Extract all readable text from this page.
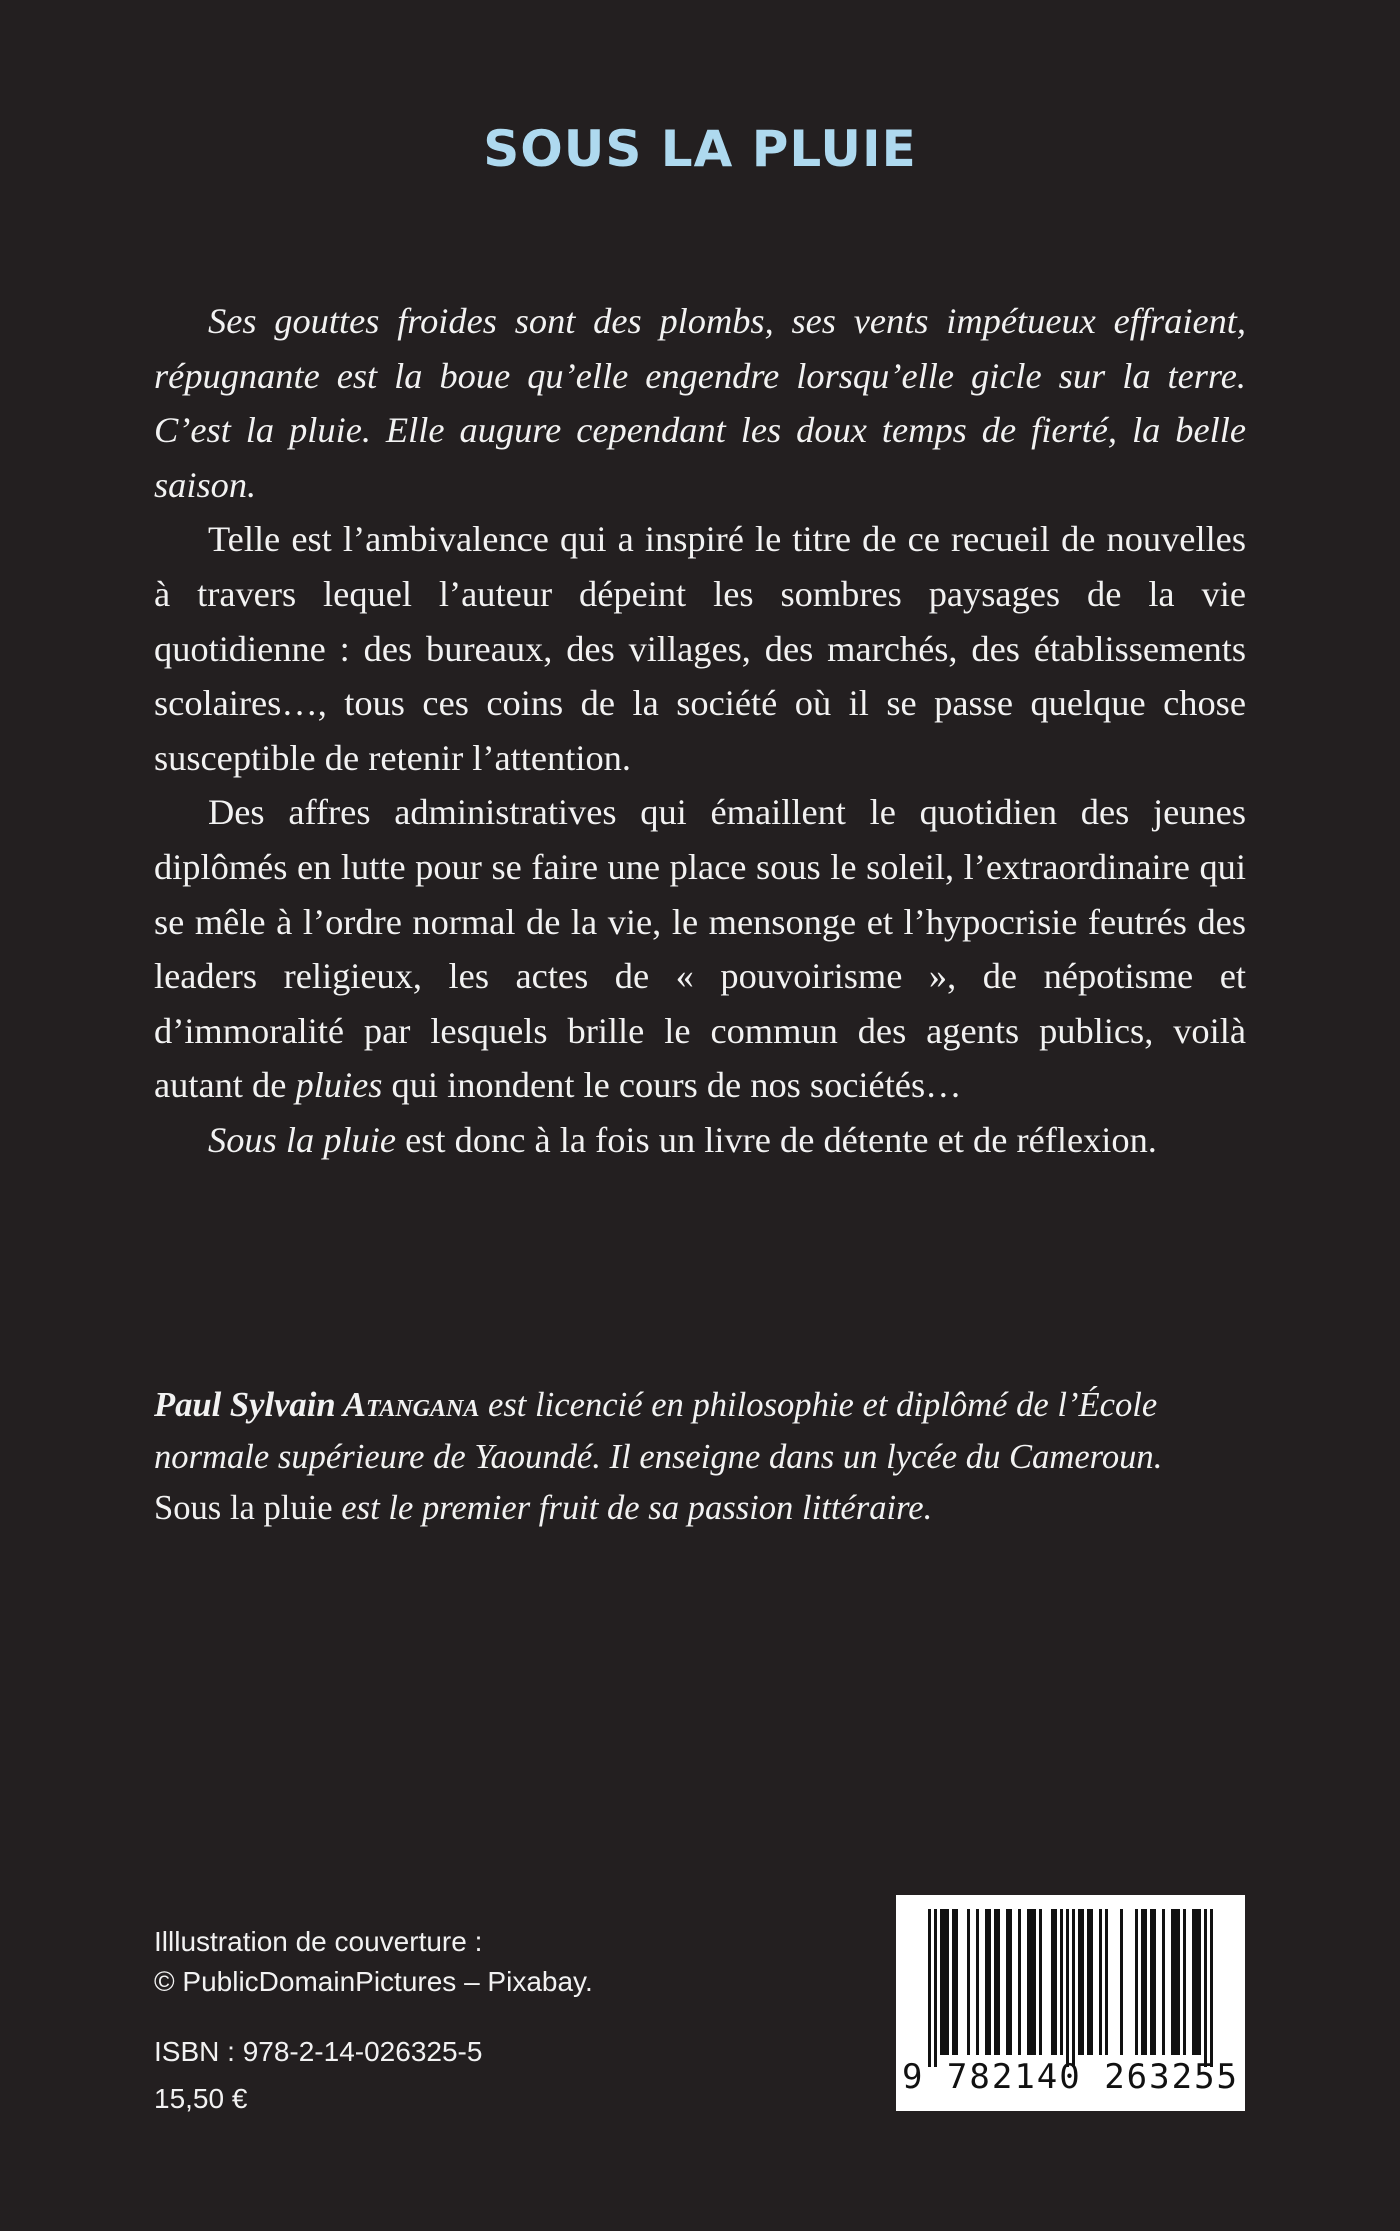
SOUS LA PLUIE

Ses gouttes froides sont des plombs, ses vents impétueux effraient, répugnante est la boue qu’elle engendre lorsqu’elle gicle sur la terre. C’est la pluie. Elle augure cependant les doux temps de fierté, la belle saison.

Telle est l’ambivalence qui a inspiré le titre de ce recueil de nouvelles à travers lequel l’auteur dépeint les sombres paysages de la vie quotidienne : des bureaux, des villages, des marchés, des établissements scolaires…, tous ces coins de la société où il se passe quelque chose susceptible de retenir l’attention.

Des affres administratives qui émaillent le quotidien des jeunes diplômés en lutte pour se faire une place sous le soleil, l’extraordinaire qui se mêle à l’ordre normal de la vie, le mensonge et l’hypocrisie feutrés des leaders religieux, les actes de « pouvoirisme », de népotisme et d’immoralité par lesquels brille le commun des agents publics, voilà autant de pluies qui inondent le cours de nos sociétés…

Sous la pluie est donc à la fois un livre de détente et de réflexion.

Paul Sylvain Atangana est licencié en philosophie et diplômé de l’École normale supérieure de Yaoundé. Il enseigne dans un lycée du Cameroun.
Sous la pluie est le premier fruit de sa passion littéraire.

Illlustration de couverture :
© PublicDomainPictures – Pixabay.
ISBN : 978-2-14-026325-5
15,50 €
9 782140 263255
